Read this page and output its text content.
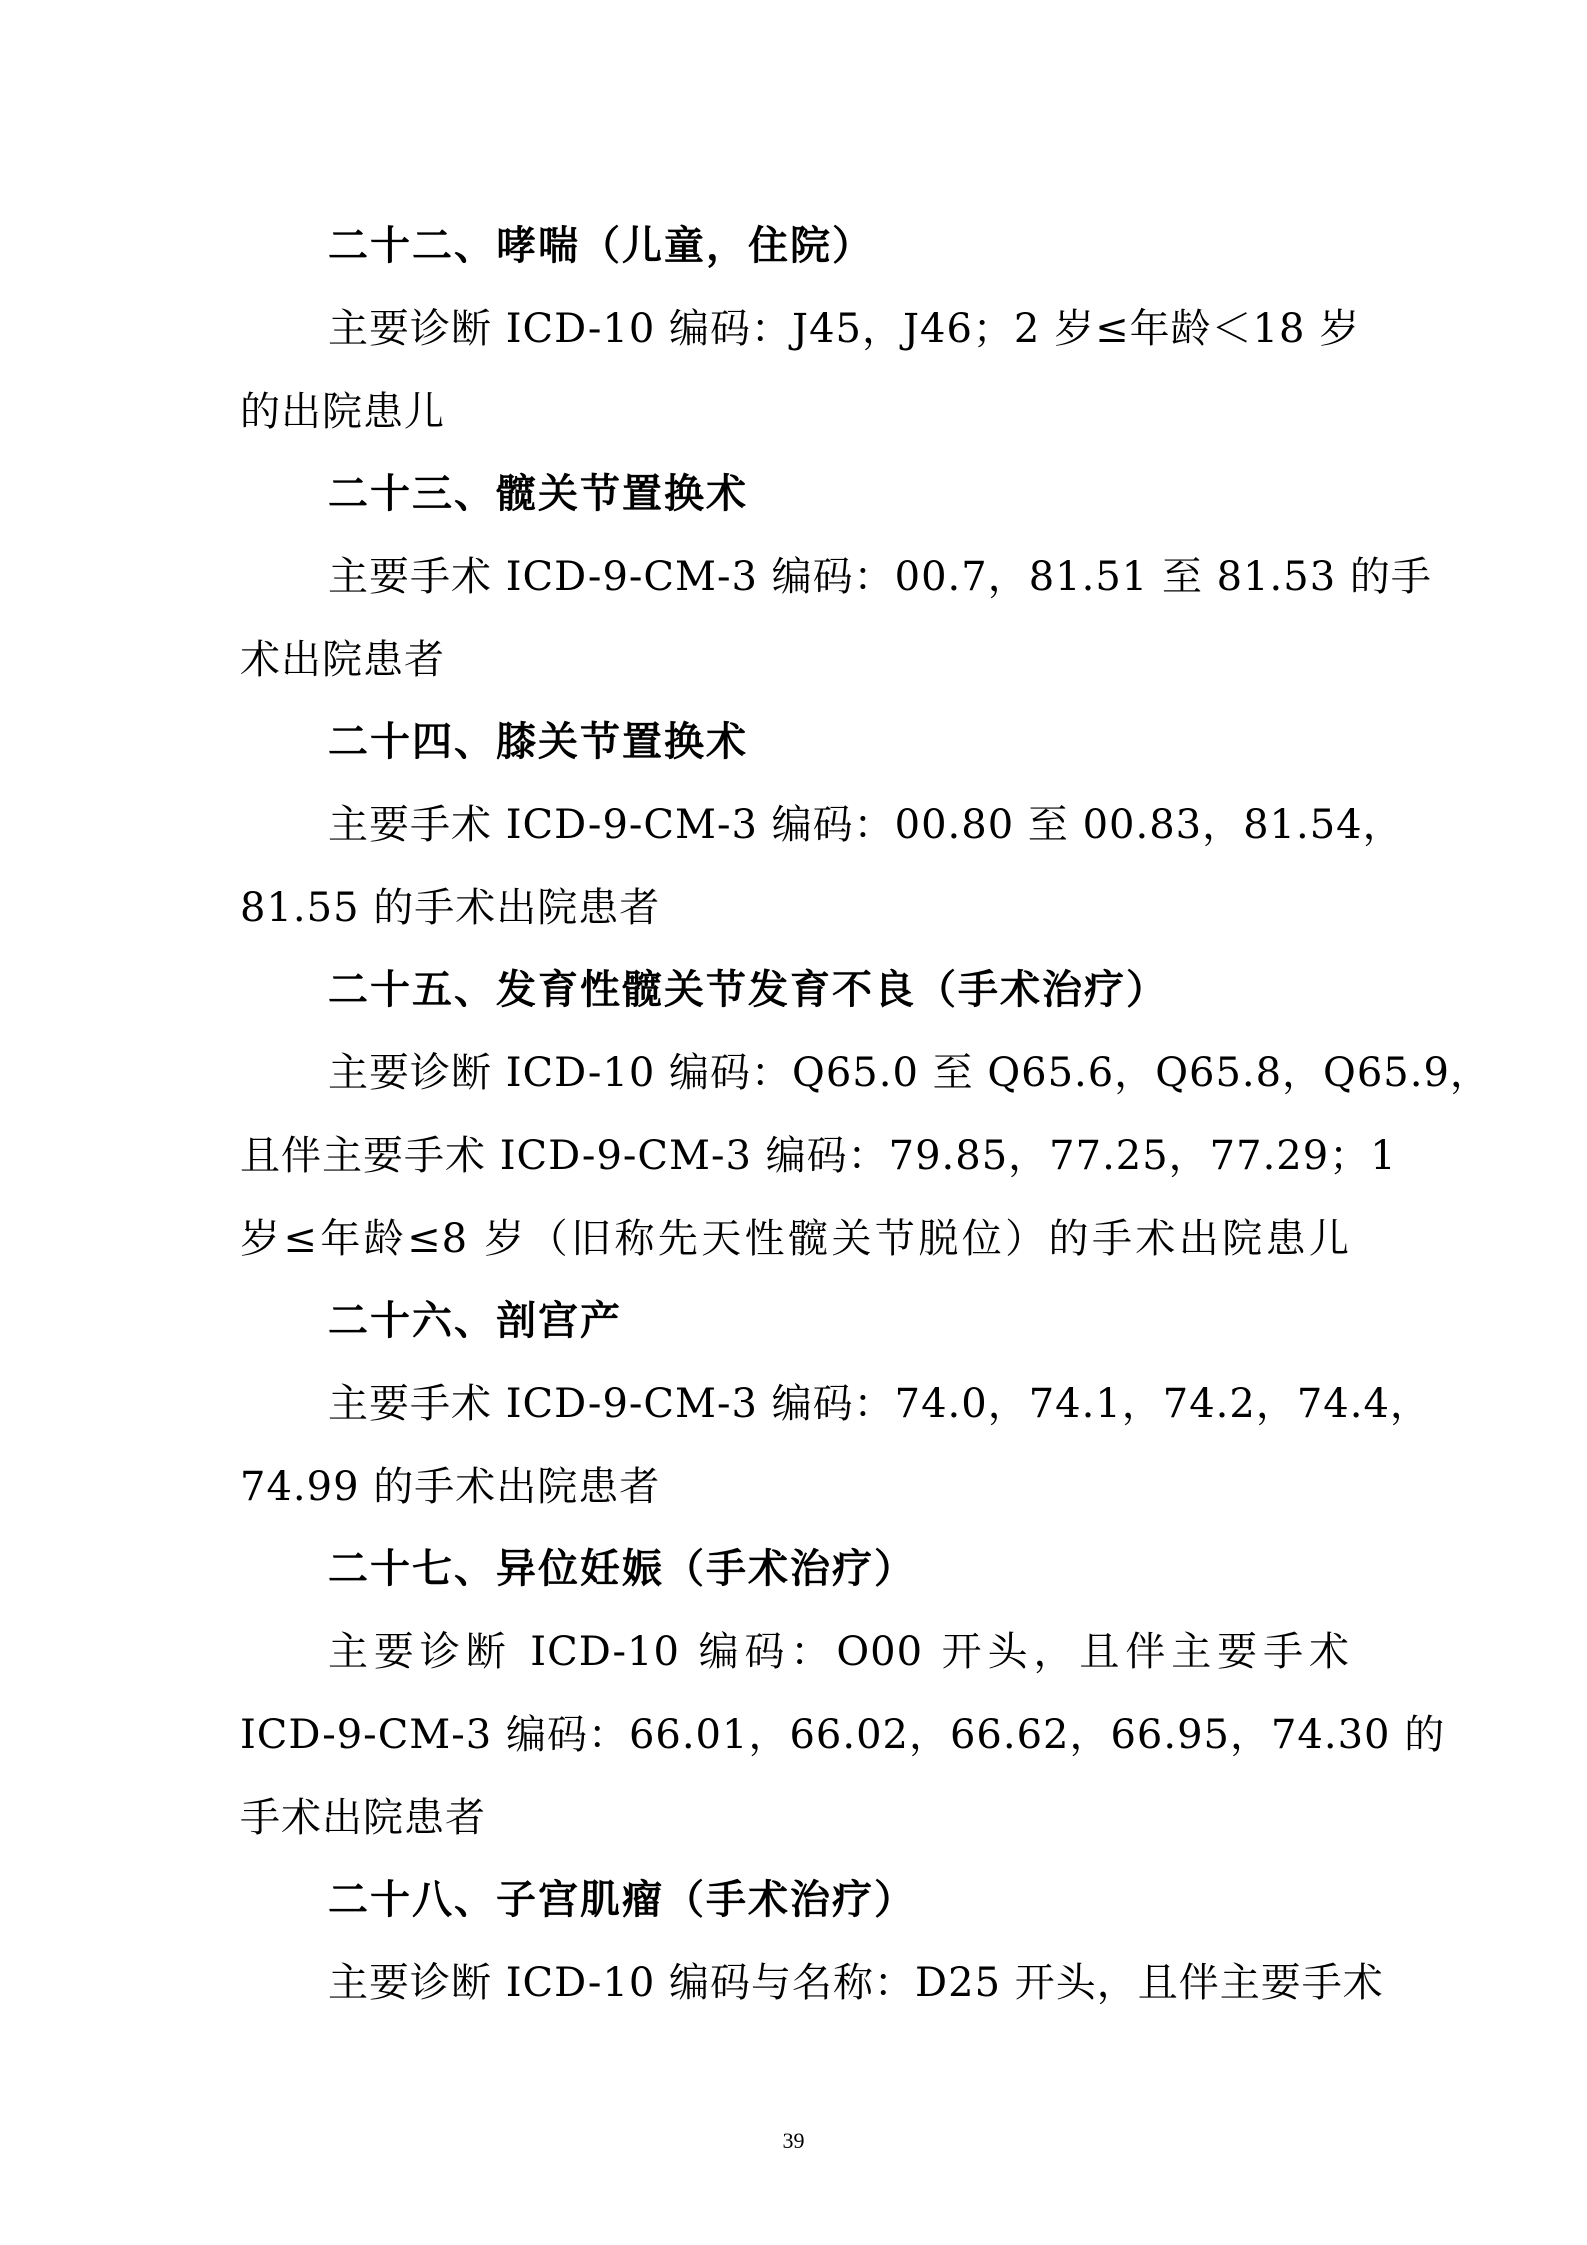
二十二、哮喘（儿童，住院）
主要诊断 ICD-10 编码：J45，J46；2 岁≤年龄＜18 岁
的出院患儿
二十三、髋关节置换术
主要手术 ICD-9-CM-3 编码：00.7，81.51 至 81.53 的手
术出院患者
二十四、膝关节置换术
主要手术 ICD-9-CM-3 编码：00.80 至 00.83，81.54，
81.55 的手术出院患者
二十五、发育性髋关节发育不良（手术治疗）
主要诊断 ICD-10 编码：Q65.0 至 Q65.6，Q65.8，Q65.9，
且伴主要手术 ICD-9-CM-3 编码：79.85，77.25，77.29；1
岁≤年龄≤8 岁（旧称先天性髋关节脱位）的手术出院患儿
二十六、剖宫产
主要手术 ICD-9-CM-3 编码：74.0，74.1，74.2，74.4，
74.99 的手术出院患者
二十七、异位妊娠（手术治疗）
主要诊断 ICD-10 编码：O00 开头，且伴主要手术
ICD-9-CM-3 编码：66.01，66.02，66.62，66.95，74.30 的
手术出院患者
二十八、子宫肌瘤（手术治疗）
主要诊断 ICD-10 编码与名称：D25 开头，且伴主要手术
39
